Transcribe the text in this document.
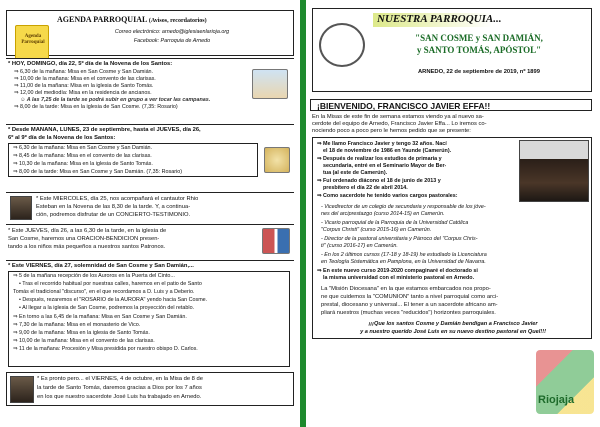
Agenda Parroquial
AGENDA PARROQUIAL (Avisos, recordatorios)
Correo electrónico: arnedo@iglesiaenlarioja.org
Facebook: Parroquia de Arnedo
* HOY, DOMINGO, día 22, 5º día de la Novena de los Santos:
⇒ 6,30 de la mañana: Misa en San Cosme y San Damián.
⇒ 10,00 de la mañana: Misa en el convento de las clarisas.
⇒ 11,00 de la mañana: Misa en la iglesia de Santo Tomás.
⇒ 12,00 del mediodía: Misa en la residencia de ancianos.
☺ A las 7,25 de la tarde se podrá subir en grupo a ver tocar las campanas.
⇒ 8,00 de la tarde: Misa en la iglesia de San Cosme. (7,35: Rosario)
* Desde MAÑANA, LUNES, 23 de septiembre, hasta el JUEVES, día 26,
6º al 9º día de la Novena de los Santos:
⇒ 6,30 de la mañana: Misa en San Cosme y San Damián.
⇒ 8,45 de la mañana: Misa en el convento de las clarisas.
⇒ 10,30 de la mañana: Misa en la iglesia de Santo Tomás.
⇒ 8,00 de la tarde: Misa en San Cosme y San Damián. (7,35: Rosario)
* Este MIÉRCOLES, día 25, nos acompañará el cantautor Rhio
Esteban en la Novena de las 8,30 de la tarde. Y, a continua-
ción, podremos disfrutar de un CONCIERTO-TESTIMONIO.
* Este JUEVES, día 26, a las 6,30 de la tarde, en la iglesia de
San Cosme, haremos una ORACIÓN-BENDICIÓN presen-
tando a los niños más pequeños a nuestros santos Patronos.
* Este VIERNES, día 27, solemnidad de San Cosme y San Damián,...
⇒ 5 de la mañana recepción de los Auroros en la Puerta del Cinto...
• Tras el recorrido habitual por nuestras calles, haremos en el patio de Santo
Tomás el tradicional "discurso", en el que recordamos a D. Luis y a Deberio.
• Después, rezaremos el "ROSARIO de la AURORA" yendo hacia San Cosme.
• Al llegar a la iglesia de San Cosme, podremos la proyección del retablo.
⇒ En torno a las 6,45 de la mañana: Misa en San Cosme y San Damián.
⇒ 7,30 de la mañana: Misa en el monasterio de Vico.
⇒ 9,00 de la mañana: Misa en la iglesia de Santo Tomás.
⇒ 10,00 de la mañana: Misa en el convento de las clarisas.
⇒ 11 de la mañana: Procesión y Misa presidida por nuestro obispo D. Carlos.
* Es pronto pero... el VIERNES, 4 de octubre, en la Misa de 8 de
la tarde de Santo Tomás, daremos gracias a Dios por los 7 años
en los que nuestro sacerdote José Luis ha trabajado en Arnedo.
NUESTRA PARROQUIA...
"SAN COSME y SAN DAMIÁN,
y SANTO TOMÁS, APÓSTOL"
ARNEDO, 22 de septiembre de 2019, nº 1899
¡BIENVENIDO, FRANCISCO JAVIER EFFA!!
En la Misas de este fin de semana estamos viendo ya al nuevo sa-
cerdote del equipo de Arnedo, Francisco Javier Effa... Lo iremos co-
nociendo poco a poco pero le hemos pedido que se presente:
⇒ Me llamo Francisco Javier y tengo 32 años. Nací
el 18 de noviembre de 1986 en Yaunde (Camerún).
⇒ Después de realizar los estudios de primaria y
secundaria, entré en el Seminario Mayor de Ber-
tua (al este de Camerún).
⇒ Fui ordenado diácono el 18 de junio de 2013 y
presbítero el día 22 de abril 2014.
⇒ Como sacerdote he tenido varios cargos pastorales:
- Vicedirector de un colegio de secundaria y responsable de los jóve-
nes del arciprestazgo (curso 2014-15) en Camerún.
- Vicario parroquial de la Parroquia de la Universidad Católica
"Corpus Christi" (curso 2015-16) en Camerún.
- Director de la pastoral universitaria y Párroco del "Corpus Chris-
ti" (curso 2016-17) en Camerún.
- En los 2 últimos cursos (17-18 y 18-19) he estudiado la Licenciatura
en Teología Sistemática en Pamplona, en la Universidad de Navarra.
⇒ En este nuevo curso 2019-2020 compaginaré el doctorado si
la misma universidad con el ministerio pastoral en Arnedo.
La "Misión Diocesana" en la que estamos embarcados nos propo-
ne que cuidemos la "COMUNIÓN" tanto a nivel parroquial como arci-
prestal, diocesano y universal... El tener a un sacerdote africano am-
pliará nuestros (muchas veces "reducidos") horizontes parroquiales.
¡¡¡Que los santos Cosme y Damián bendigan a Francisco Javier
y a nuestro querido José Luis en su nuevo destino pastoral en Quel!!!
Riojaja
